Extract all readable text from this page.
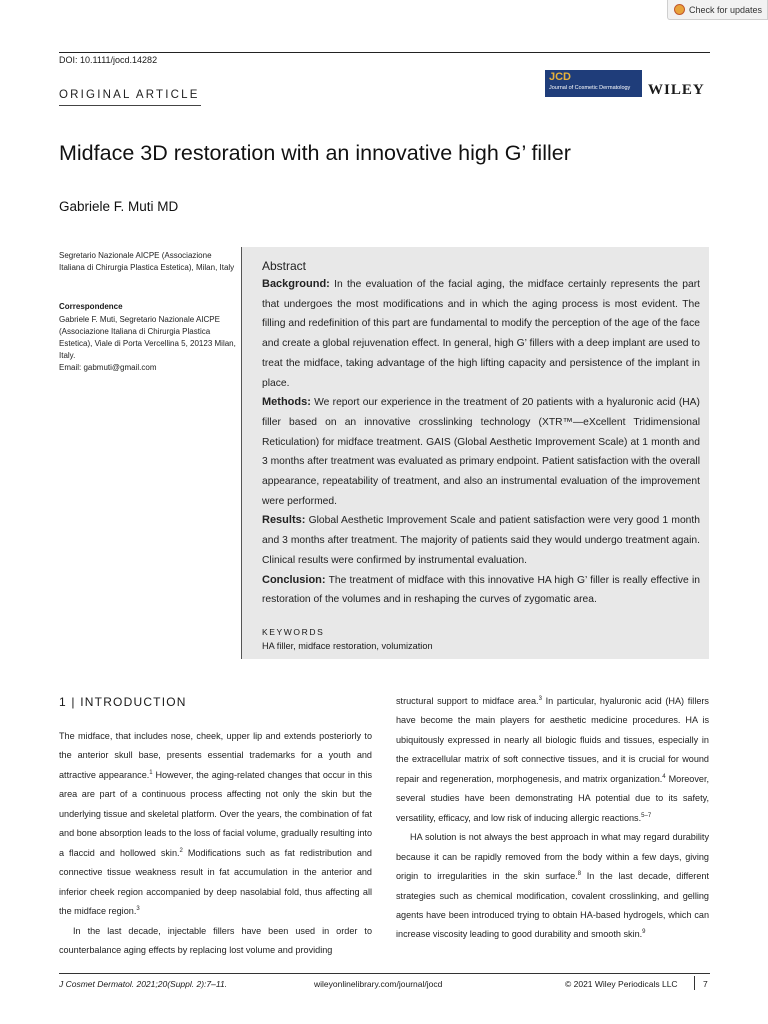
Check for updates
DOI: 10.1111/jocd.14282
ORIGINAL ARTICLE
JCD
Journal of Cosmetic Dermatology WILEY
Midface 3D restoration with an innovative high G’ filler
Gabriele F. Muti MD
Segretario Nazionale AICPE (Associazione Italiana di Chirurgia Plastica Estetica), Milan, Italy
Correspondence
Gabriele F. Muti, Segretario Nazionale AICPE (Associazione Italiana di Chirurgia Plastica Estetica), Viale di Porta Vercellina 5, 20123 Milan, Italy.
Email: gabmuti@gmail.com
Abstract

Background: In the evaluation of the facial aging, the midface certainly represents the part that undergoes the most modifications and in which the aging process is most evident. The filling and redefinition of this part are fundamental to modify the perception of the age of the face and create a global rejuvenation effect. In general, high G’ fillers with a deep implant are used to treat the midface, taking advantage of the high lifting capacity and persistence of the implant in place.

Methods: We report our experience in the treatment of 20 patients with a hyaluronic acid (HA) filler based on an innovative crosslinking technology (XTR™—eXcellent Tridimensional Reticulation) for midface treatment. GAIS (Global Aesthetic Improvement Scale) at 1 month and 3 months after treatment was evaluated as primary endpoint. Patient satisfaction with the overall appearance, repeatability of treatment, and also an instrumental evaluation of the improvement were performed.

Results: Global Aesthetic Improvement Scale and patient satisfaction were very good 1 month and 3 months after treatment. The majority of patients said they would undergo treatment again. Clinical results were confirmed by instrumental evaluation.

Conclusion: The treatment of midface with this innovative HA high G’ filler is really effective in restoration of the volumes and in reshaping the curves of zygomatic area.

KEYWORDS
HA filler, midface restoration, volumization
1 | INTRODUCTION

The midface, that includes nose, cheek, upper lip and extends posteriorly to the anterior skull base, presents essential trademarks for a youth and attractive appearance.$^1$ However, the aging-related changes that occur in this area are part of a continuous process affecting not only the skin but the underlying tissue and skeletal platform. Over the years, the combination of fat and bone absorption leads to the loss of facial volume, gradually resulting into a flaccid and hollowed skin.$^2$ Modifications such as fat redistribution and connective tissue weakness result in fat accumulation in the anterior and inferior cheek region accompanied by deep nasolabial fold, thus affecting all the midface region.$^3$

In the last decade, injectable fillers have been used in order to counterbalance aging effects by replacing lost volume and providing

structural support to midface area.$^3$ In particular, hyaluronic acid (HA) fillers have become the main players for aesthetic medicine procedures. HA is ubiquitously expressed in nearly all biologic fluids and tissues, especially in the extracellular matrix of soft connective tissues, and it is crucial for wound repair and regeneration, morphogenesis, and matrix organization.$^4$ Moreover, several studies have been demonstrating HA potential due to its safety, versatility, efficacy, and low risk of inducing allergic reactions.$^{5-7}$

HA solution is not always the best approach in what may regard durability because it can be rapidly removed from the body within a few days, giving origin to irregularities in the skin surface.$^8$ In the last decade, different strategies such as chemical modification, covalent crosslinking, and gelling agents have been introduced trying to obtain HA-based hydrogels, which can increase viscosity leading to good durability and smooth skin.$^9$

J Cosmet Dermatol. 2021;20(Suppl. 2):7–11.	wileyonlinelibrary.com/journal/jocd	© 2021 Wiley Periodicals LLC	7
